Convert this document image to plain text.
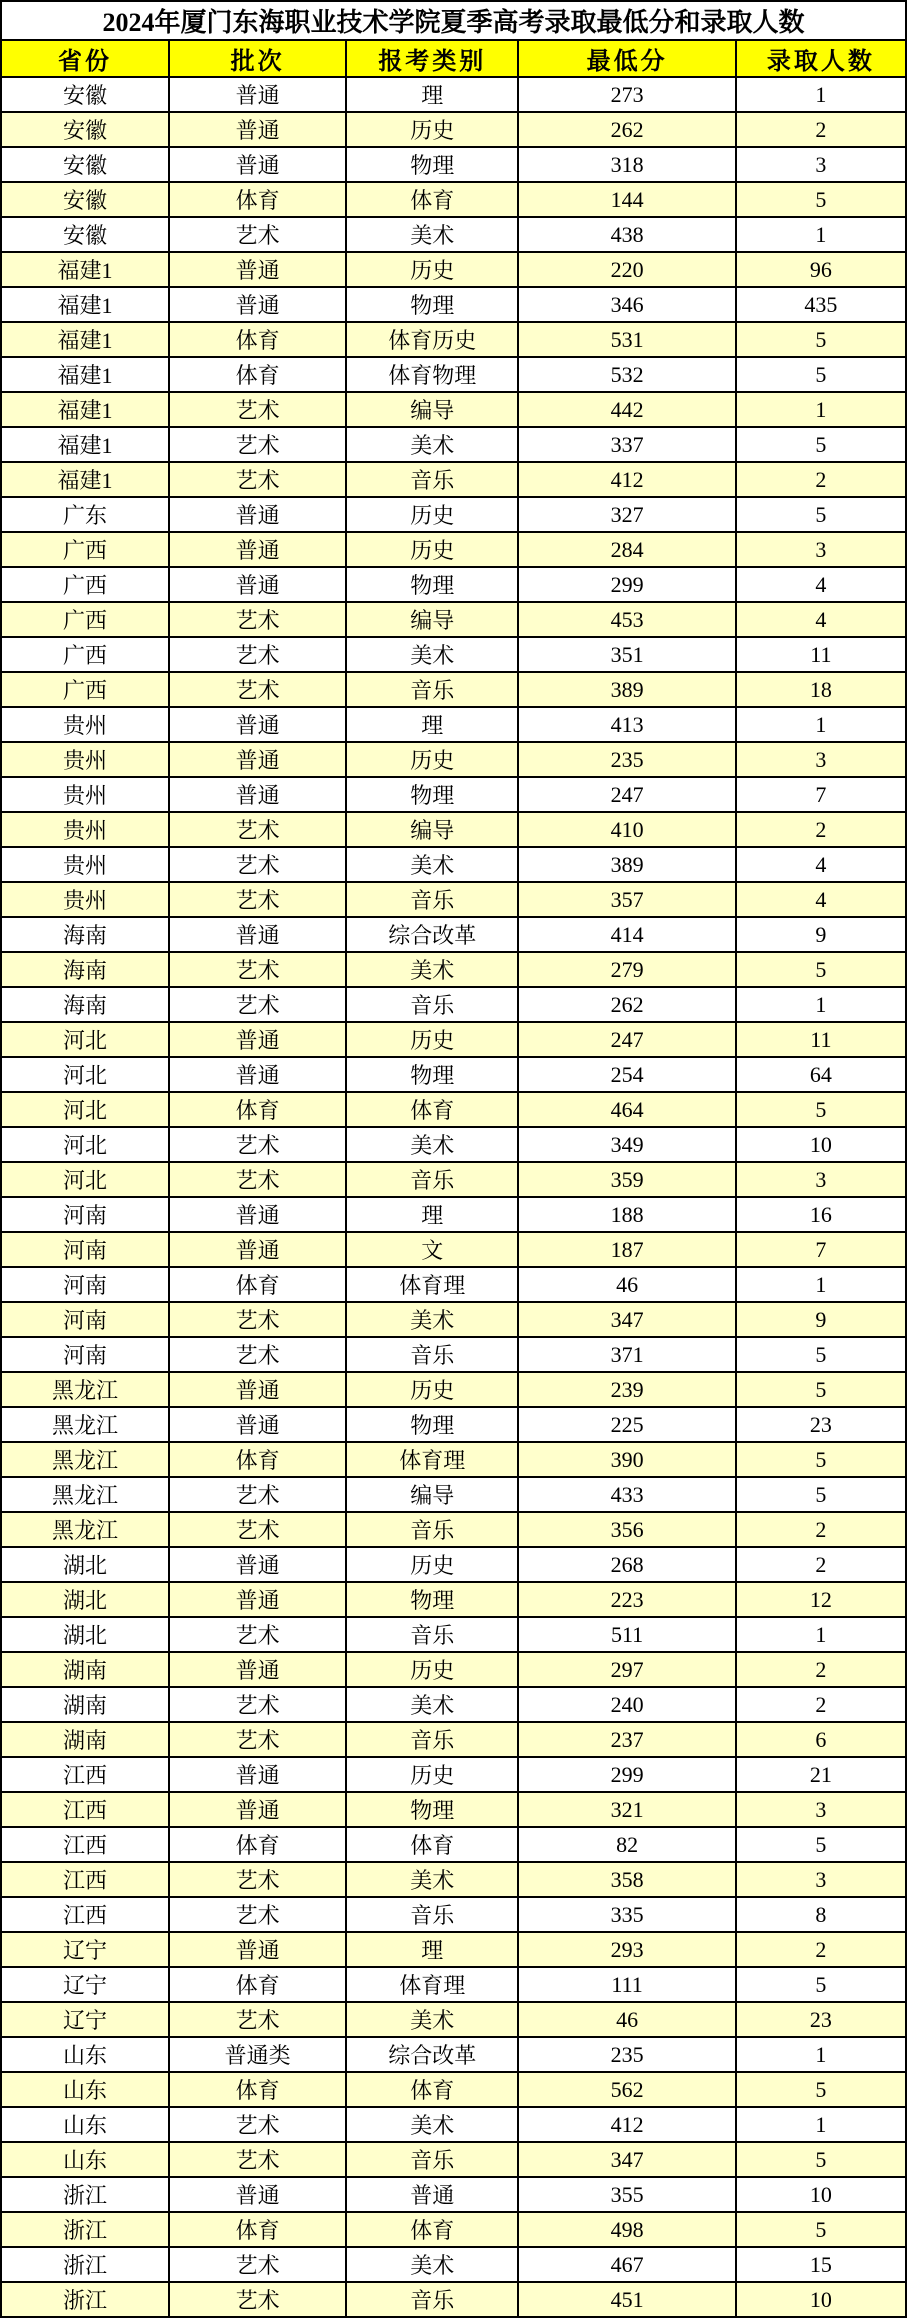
2024年厦门东海职业技术学院夏季高考录取最低分和录取人数				
省份	批次	报考类别	最低分	录取人数
安徽	普通	理	273	1
安徽	普通	历史	262	2
安徽	普通	物理	318	3
安徽	体育	体育	144	5
安徽	艺术	美术	438	1
福建1	普通	历史	220	96
福建1	普通	物理	346	435
福建1	体育	体育历史	531	5
福建1	体育	体育物理	532	5
福建1	艺术	编导	442	1
福建1	艺术	美术	337	5
福建1	艺术	音乐	412	2
广东	普通	历史	327	5
广西	普通	历史	284	3
广西	普通	物理	299	4
广西	艺术	编导	453	4
广西	艺术	美术	351	11
广西	艺术	音乐	389	18
贵州	普通	理	413	1
贵州	普通	历史	235	3
贵州	普通	物理	247	7
贵州	艺术	编导	410	2
贵州	艺术	美术	389	4
贵州	艺术	音乐	357	4
海南	普通	综合改革	414	9
海南	艺术	美术	279	5
海南	艺术	音乐	262	1
河北	普通	历史	247	11
河北	普通	物理	254	64
河北	体育	体育	464	5
河北	艺术	美术	349	10
河北	艺术	音乐	359	3
河南	普通	理	188	16
河南	普通	文	187	7
河南	体育	体育理	46	1
河南	艺术	美术	347	9
河南	艺术	音乐	371	5
黑龙江	普通	历史	239	5
黑龙江	普通	物理	225	23
黑龙江	体育	体育理	390	5
黑龙江	艺术	编导	433	5
黑龙江	艺术	音乐	356	2
湖北	普通	历史	268	2
湖北	普通	物理	223	12
湖北	艺术	音乐	511	1
湖南	普通	历史	297	2
湖南	艺术	美术	240	2
湖南	艺术	音乐	237	6
江西	普通	历史	299	21
江西	普通	物理	321	3
江西	体育	体育	82	5
江西	艺术	美术	358	3
江西	艺术	音乐	335	8
辽宁	普通	理	293	2
辽宁	体育	体育理	111	5
辽宁	艺术	美术	46	23
山东	普通类	综合改革	235	1
山东	体育	体育	562	5
山东	艺术	美术	412	1
山东	艺术	音乐	347	5
浙江	普通	普通	355	10
浙江	体育	体育	498	5
浙江	艺术	美术	467	15
浙江	艺术	音乐	451	10
